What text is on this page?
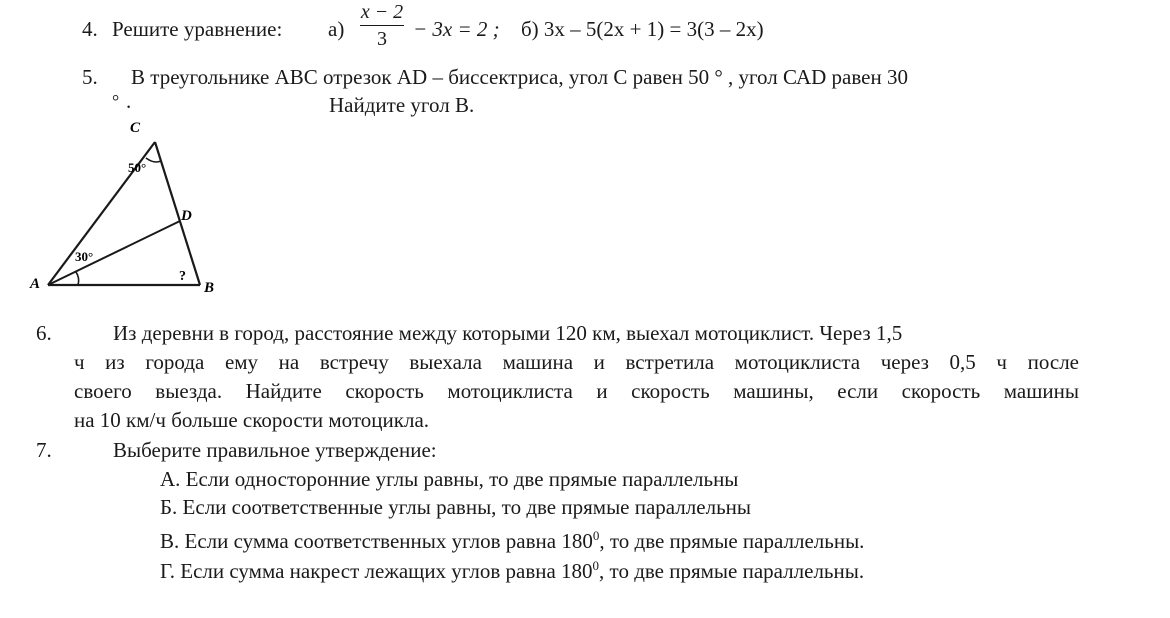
4. Решите уравнение: а)
x − 2
3	− 3x = 2 ; б) 3х – 5(2х + 1) = 3(3 – 2х)
5. В треугольнике АВС отрезок АD – биссектриса, угол С равен 50 ° , угол САD равен 30
° .	Найдите угол В.
C
D
A	B
50°
30°
?
6.	Из деревни в город, расстояние между которыми 120 км, выехал мотоциклист. Через 1,5
ч из города ему на встречу выехала машина и встретила мотоциклиста через 0,5 ч после
своего выезда. Найдите скорость мотоциклиста и скорость машины, если скорость машины
на 10 км/ч больше скорости мотоцикла.
7.	Выберите правильное утверждение:
А. Если односторонние углы равны, то две прямые параллельны
Б. Если соответственные углы равны, то две прямые параллельны
В. Если сумма соответственных углов равна $180^0$, то две прямые параллельны.
Г. Если сумма накрест лежащих углов равна $180^0$, то две прямые параллельны.
